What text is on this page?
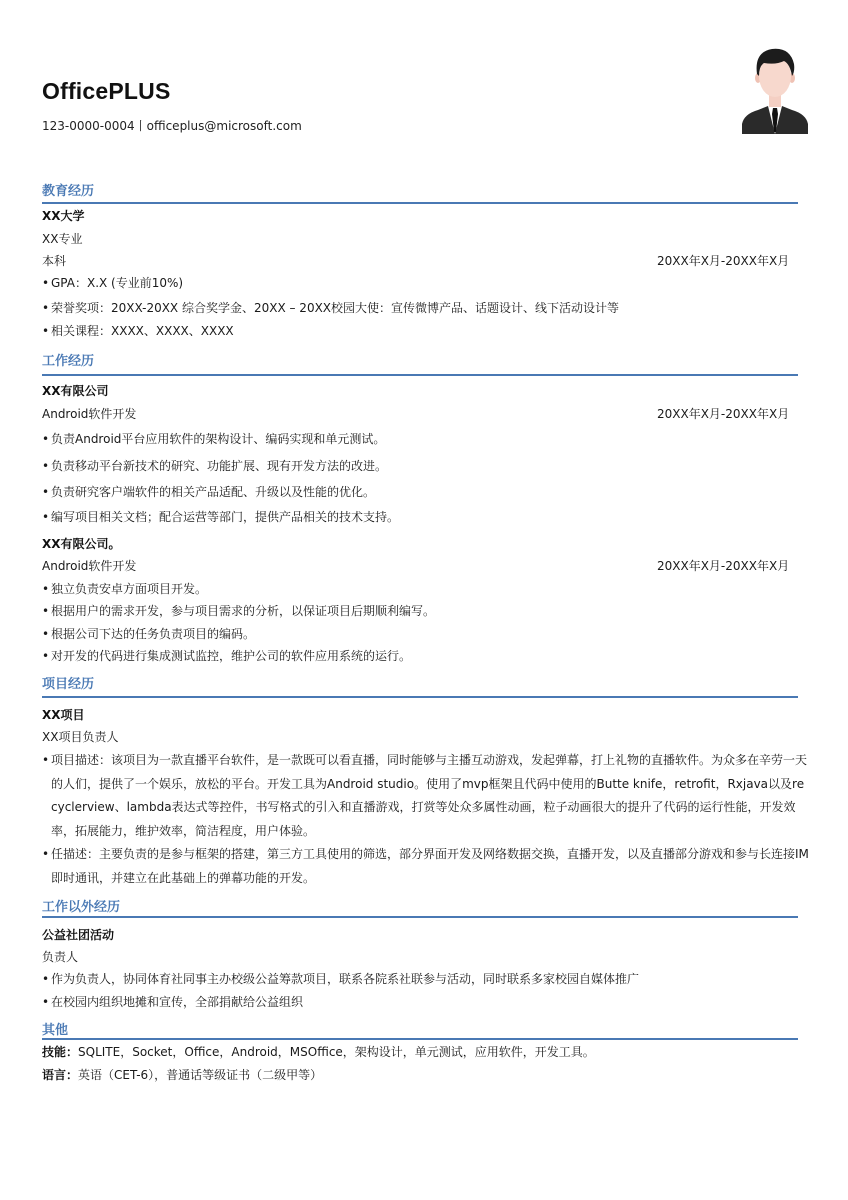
OfficePLUS
123-0000-0004丨officeplus@microsoft.com
教育经历
XX大学
XX专业
本科	20XX年X月-20XX年X月
• GPA：X.X (专业前10%)
• 荣誉奖项：20XX-20XX 综合奖学金、20XX – 20XX校园大使：宣传微博产品、话题设计、线下活动设计等
• 相关课程：XXXX、XXXX、XXXX
工作经历
XX有限公司
Android软件开发	20XX年X月-20XX年X月
• 负责Android平台应用软件的架构设计、编码实现和单元测试。
• 负责移动平台新技术的研究、功能扩展、现有开发方法的改进。
• 负责研究客户端软件的相关产品适配、升级以及性能的优化。
• 编写项目相关文档；配合运营等部门，提供产品相关的技术支持。
XX有限公司。
Android软件开发	20XX年X月-20XX年X月
• 独立负责安卓方面项目开发。
• 根据用户的需求开发，参与项目需求的分析，以保证项目后期顺利编写。
• 根据公司下达的任务负责项目的编码。
• 对开发的代码进行集成测试监控，维护公司的软件应用系统的运行。
项目经历
XX项目
XX项目负责人
• 项目描述：该项目为一款直播平台软件，是一款既可以看直播，同时能够与主播互动游戏，发起弹幕，打上礼物的直播软件。为众多在辛劳一天的人们，提供了一个娱乐，放松的平台。开发工具为Android studio。使用了mvp框架且代码中使用的Butte knife，retrofit，Rxjava以及recyclerview、lambda表达式等控件，书写格式的引入和直播游戏，打赏等处众多属性动画，粒子动画很大的提升了代码的运行性能，开发效率，拓展能力，维护效率，简洁程度，用户体验。
• 任描述：主要负责的是参与框架的搭建，第三方工具使用的筛选，部分界面开发及网络数据交换，直播开发，以及直播部分游戏和参与长连接IM即时通讯，并建立在此基础上的弹幕功能的开发。
工作以外经历
公益社团活动
负责人
• 作为负责人，协同体育社同事主办校级公益筹款项目，联系各院系社联参与活动，同时联系多家校园自媒体推广
• 在校园内组织地摊和宣传，全部捐献给公益组织
其他
技能：SQLITE，Socket，Office，Android，MSOffice，架构设计，单元测试，应用软件，开发工具。
语言：英语（CET-6），普通话等级证书（二级甲等）
